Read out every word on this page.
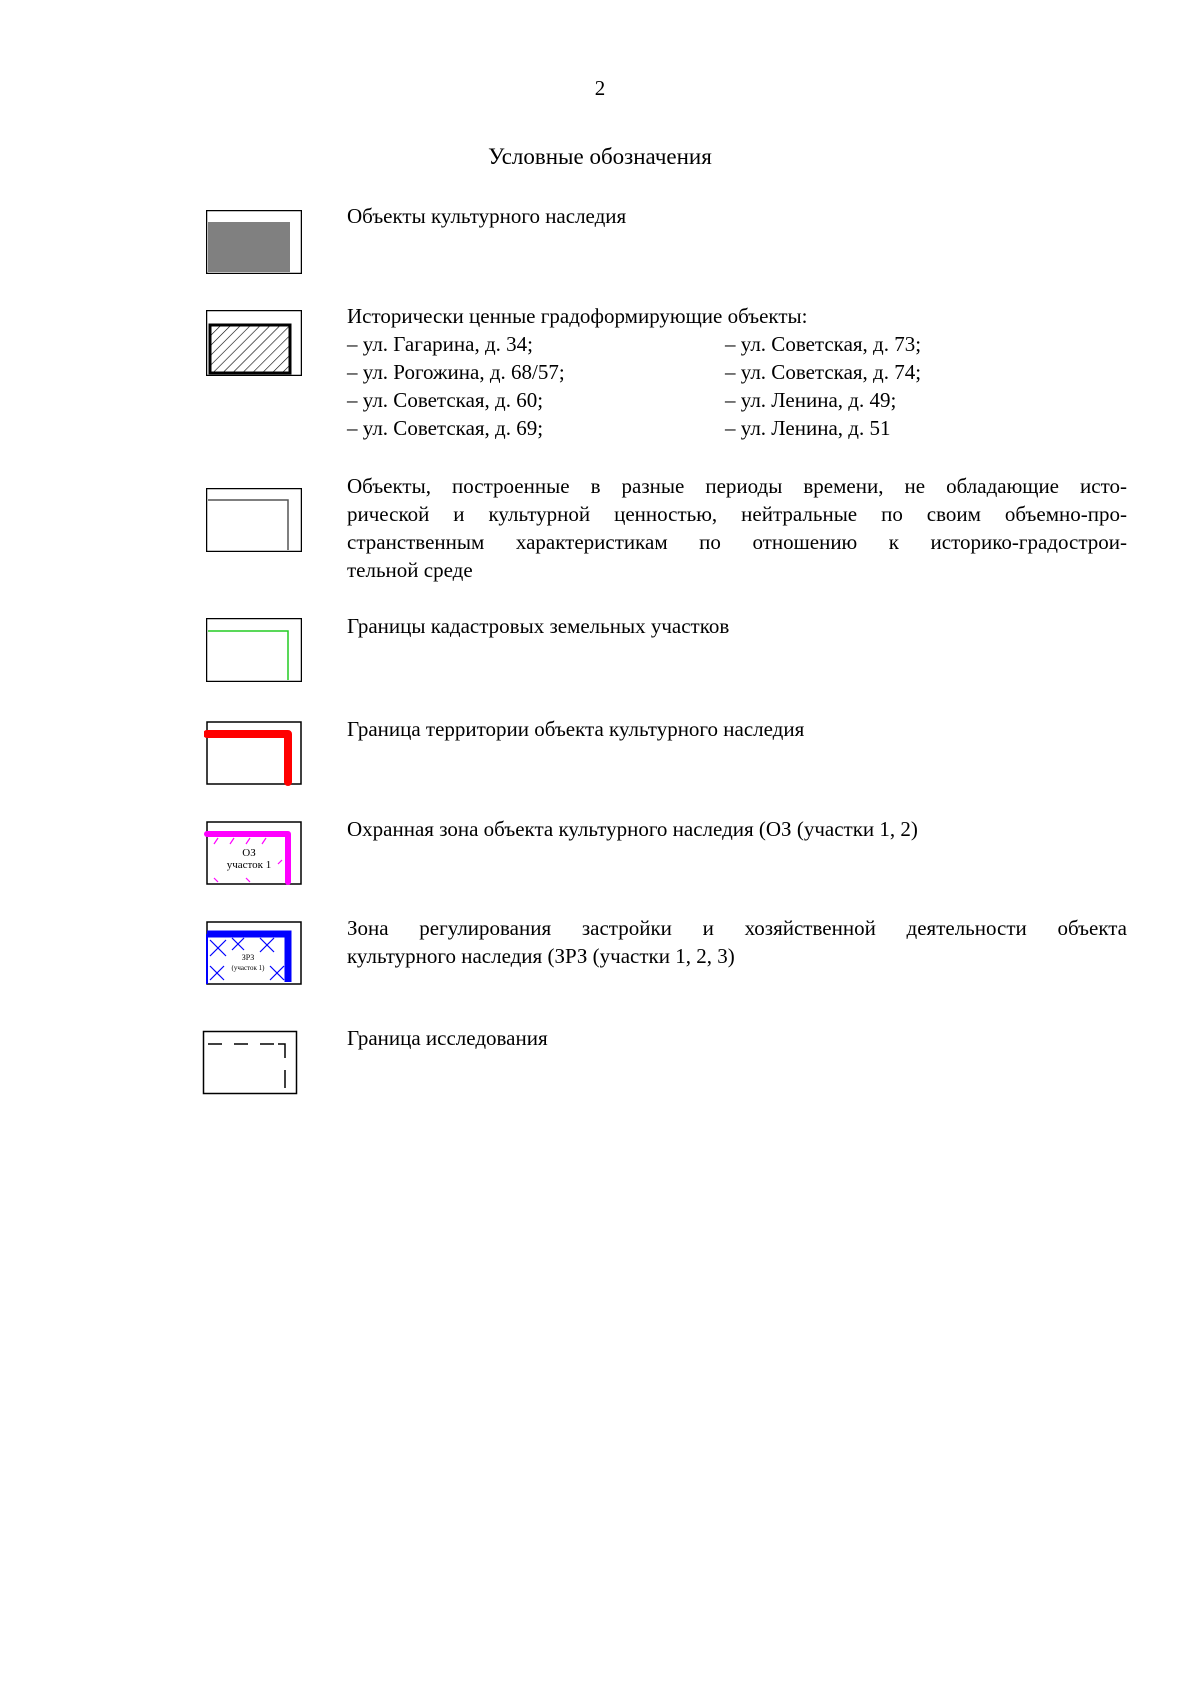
2
Условные обозначения
Объекты культурного наследия
Исторически ценные градоформирующие объекты:
– ул. Гагарина, д. 34;	– ул. Советская, д. 73;
– ул. Рогожина, д. 68/57;	– ул. Советская, д. 74;
– ул. Советская, д. 60;	– ул. Ленина, д. 49;
– ул. Советская, д. 69;	– ул. Ленина, д. 51
Объекты, построенные в разные периоды времени, не обладающие исто-
рической и культурной ценностью, нейтральные по своим объемно-про-
странственным характеристикам по отношению к историко-градострои-
тельной среде
Границы кадастровых земельных участков
Граница территории объекта культурного наследия
ОЗ
участок 1
Охранная зона объекта культурного наследия (ОЗ (участки 1, 2)
ЗРЗ
(участок 1)
Зона регулирования застройки и хозяйственной деятельности объекта
культурного наследия (ЗРЗ (участки 1, 2, 3)
Граница исследования
